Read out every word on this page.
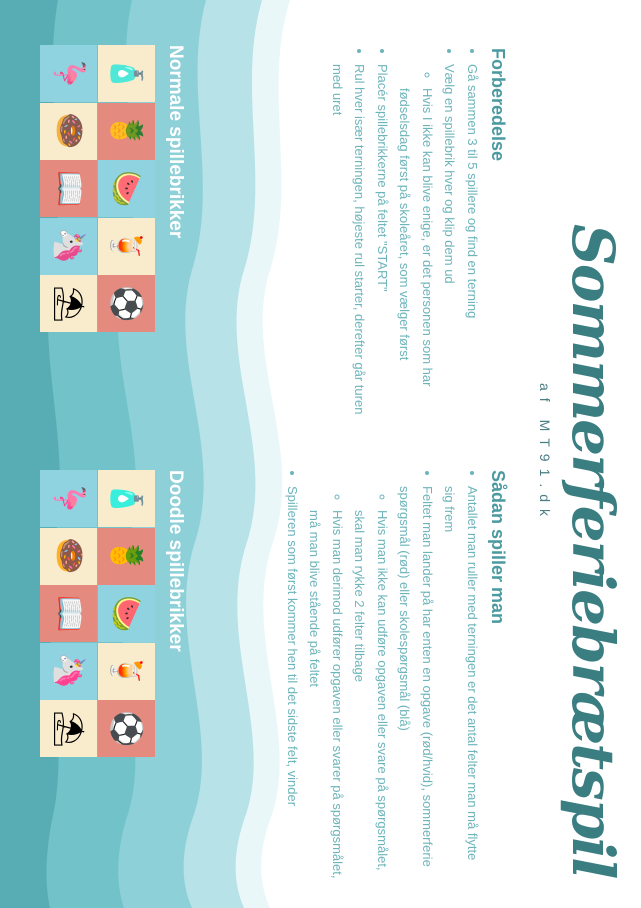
Sommerferiebrætspil
af MT91.dk
Forberedelse
• Gå sammen 3 til 5 spillere og find en terning
• Vælg en spillebrik hver og klip dem ud
◦ Hvis I ikke kan blive enige, er det personen som har fødselsdag først på skoleåret, som vælger først
• Placér spillebrikkerne på feltet "START"
• Rul hver især terningen, højeste rul starter, derefter går turen med uret
Sådan spiller man
• Antallet man ruller med terningen er det antal felter man må flytte sig frem
• Feltet man lander på har enten en opgave (rød/hvid), sommerferie spørgsmål (rød) eller skolespørgsmål (blå)
◦ Hvis man ikke kan udføre opgaven eller svare på spørgsmålet, skal man rykke 2 felter tilbage
◦ Hvis man derimod udfører opgaven eller svarer på spørgsmålet, må man blive stående på feltet
• Spilleren som først kommer hen til det sidste felt, vinder
Normale spillebrikker
Doodle spillebrikker
🦩
🍩
📖
🦄
⛱
🧴
🍍
🍉
🍹
⚽
🦩
🍩
📖
🦄
⛱
🧴
🍍
🍉
🍹
⚽
